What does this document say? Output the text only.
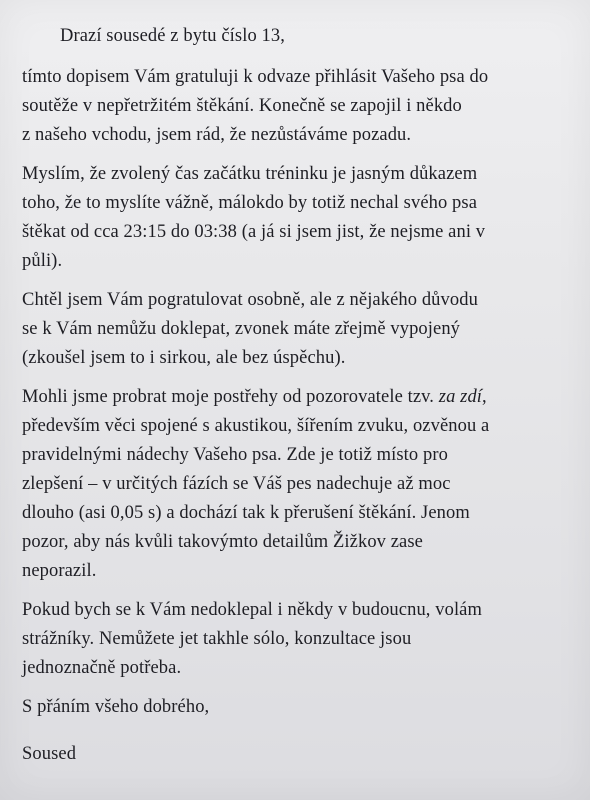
Drazí sousedé z bytu číslo 13,
tímto dopisem Vám gratuluji k odvaze přihlásit Vašeho psa do
soutěže v nepřetržitém štěkání. Konečně se zapojil i někdo
z našeho vchodu, jsem rád, že nezůstáváme pozadu.
Myslím, že zvolený čas začátku tréninku je jasným důkazem
toho, že to myslíte vážně, málokdo by totiž nechal svého psa
štěkat od cca 23:15 do 03:38 (a já si jsem jist, že nejsme ani v
půli).
Chtěl jsem Vám pogratulovat osobně, ale z nějakého důvodu
se k Vám nemůžu doklepat, zvonek máte zřejmě vypojený
(zkoušel jsem to i sirkou, ale bez úspěchu).
Mohli jsme probrat moje postřehy od pozorovatele tzv. za zdí,
především věci spojené s akustikou, šířením zvuku, ozvěnou a
pravidelnými nádechy Vašeho psa. Zde je totiž místo pro
zlepšení – v určitých fázích se Váš pes nadechuje až moc
dlouho (asi 0,05 s) a dochází tak k přerušení štěkání. Jenom
pozor, aby nás kvůli takovýmto detailům Žižkov zase
neporazil.
Pokud bych se k Vám nedoklepal i někdy v budoucnu, volám
strážníky. Nemůžete jet takhle sólo, konzultace jsou
jednoznačně potřeba.
S přáním všeho dobrého,
Soused
